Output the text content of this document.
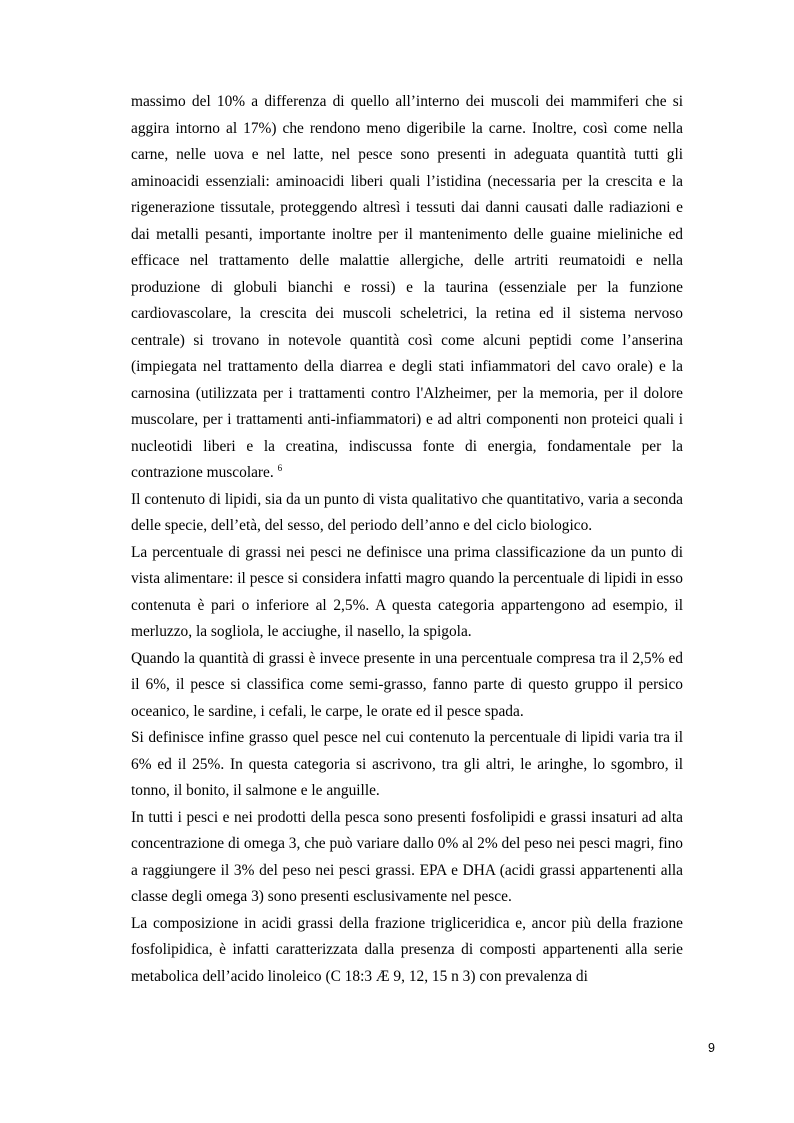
massimo del 10% a differenza di quello all’interno dei muscoli dei mammiferi che si aggira intorno al 17%) che rendono meno digeribile la carne. Inoltre, così come nella carne, nelle uova e nel latte, nel pesce sono presenti in adeguata quantità tutti gli aminoacidi essenziali: aminoacidi liberi quali l’istidina (necessaria per la crescita e la rigenerazione tissutale, proteggendo altresì i tessuti dai danni causati dalle radiazioni e dai metalli pesanti, importante inoltre per il mantenimento delle guaine mieliniche ed efficace nel trattamento delle malattie allergiche, delle artriti reumatoidi e nella produzione di globuli bianchi e rossi) e la taurina (essenziale per la funzione cardiovascolare, la crescita dei muscoli scheletrici, la retina ed il sistema nervoso centrale) si trovano in notevole quantità così come alcuni peptidi come l’anserina (impiegata nel trattamento della diarrea e degli stati infiammatori del cavo orale) e la carnosina (utilizzata per i trattamenti contro l'Alzheimer, per la memoria, per il dolore muscolare, per i trattamenti anti-infiammatori) e ad altri componenti non proteici quali i nucleotidi liberi e la creatina, indiscussa fonte di energia, fondamentale per la contrazione muscolare. $^6$

Il contenuto di lipidi, sia da un punto di vista qualitativo che quantitativo, varia a seconda delle specie, dell’età, del sesso, del periodo dell’anno e del ciclo biologico.

La percentuale di grassi nei pesci ne definisce una prima classificazione da un punto di vista alimentare: il pesce si considera infatti magro quando la percentuale di lipidi in esso contenuta è pari o inferiore al 2,5%. A questa categoria appartengono ad esempio, il merluzzo, la sogliola, le acciughe, il nasello, la spigola.

Quando la quantità di grassi è invece presente in una percentuale compresa tra il 2,5% ed il 6%, il pesce si classifica come semi-grasso, fanno parte di questo gruppo il persico oceanico, le sardine, i cefali, le carpe, le orate ed il pesce spada.

Si definisce infine grasso quel pesce nel cui contenuto la percentuale di lipidi varia tra il 6% ed il 25%. In questa categoria si ascrivono, tra gli altri, le aringhe, lo sgombro, il tonno, il bonito, il salmone e le anguille.

In tutti i pesci e nei prodotti della pesca sono presenti fosfolipidi e grassi insaturi ad alta concentrazione di omega 3, che può variare dallo 0% al 2% del peso nei pesci magri, fino a raggiungere il 3% del peso nei pesci grassi. EPA e DHA (acidi grassi appartenenti alla classe degli omega 3) sono presenti esclusivamente nel pesce.

La composizione in acidi grassi della frazione trigliceridica e, ancor più della frazione fosfolipidica, è infatti caratterizzata dalla presenza di composti appartenenti alla serie metabolica dell’acido linoleico (C 18:3 Æ 9, 12, 15 n 3) con prevalenza di

9
